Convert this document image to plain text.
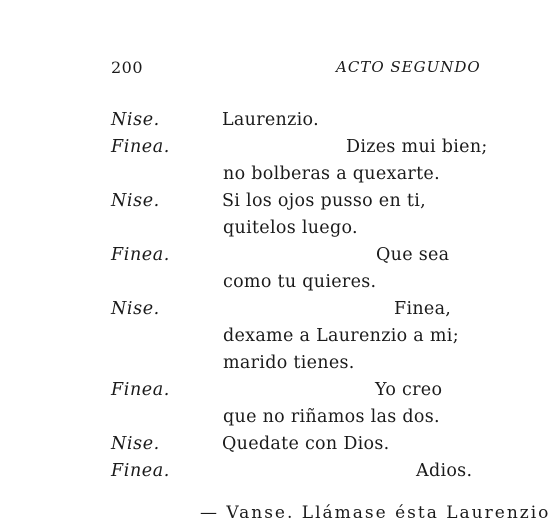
200	ACTO SEGUNDO
Nise.	Laurenzio.
Finea.	Dizes mui bien;
no bolberas a quexarte.
Nise.	Si los ojos pusso en ti,
quitelos luego.
Finea.	Que sea
como tu quieres.
Nise.	Finea,
dexame a Laurenzio a mi;
marido tienes.
Finea.	Yo creo
que no riñamos las dos.
Nise.	Quedate con Dios.
Finea.	Adios.
— Vanse. Llámase ésta Laurenzio
